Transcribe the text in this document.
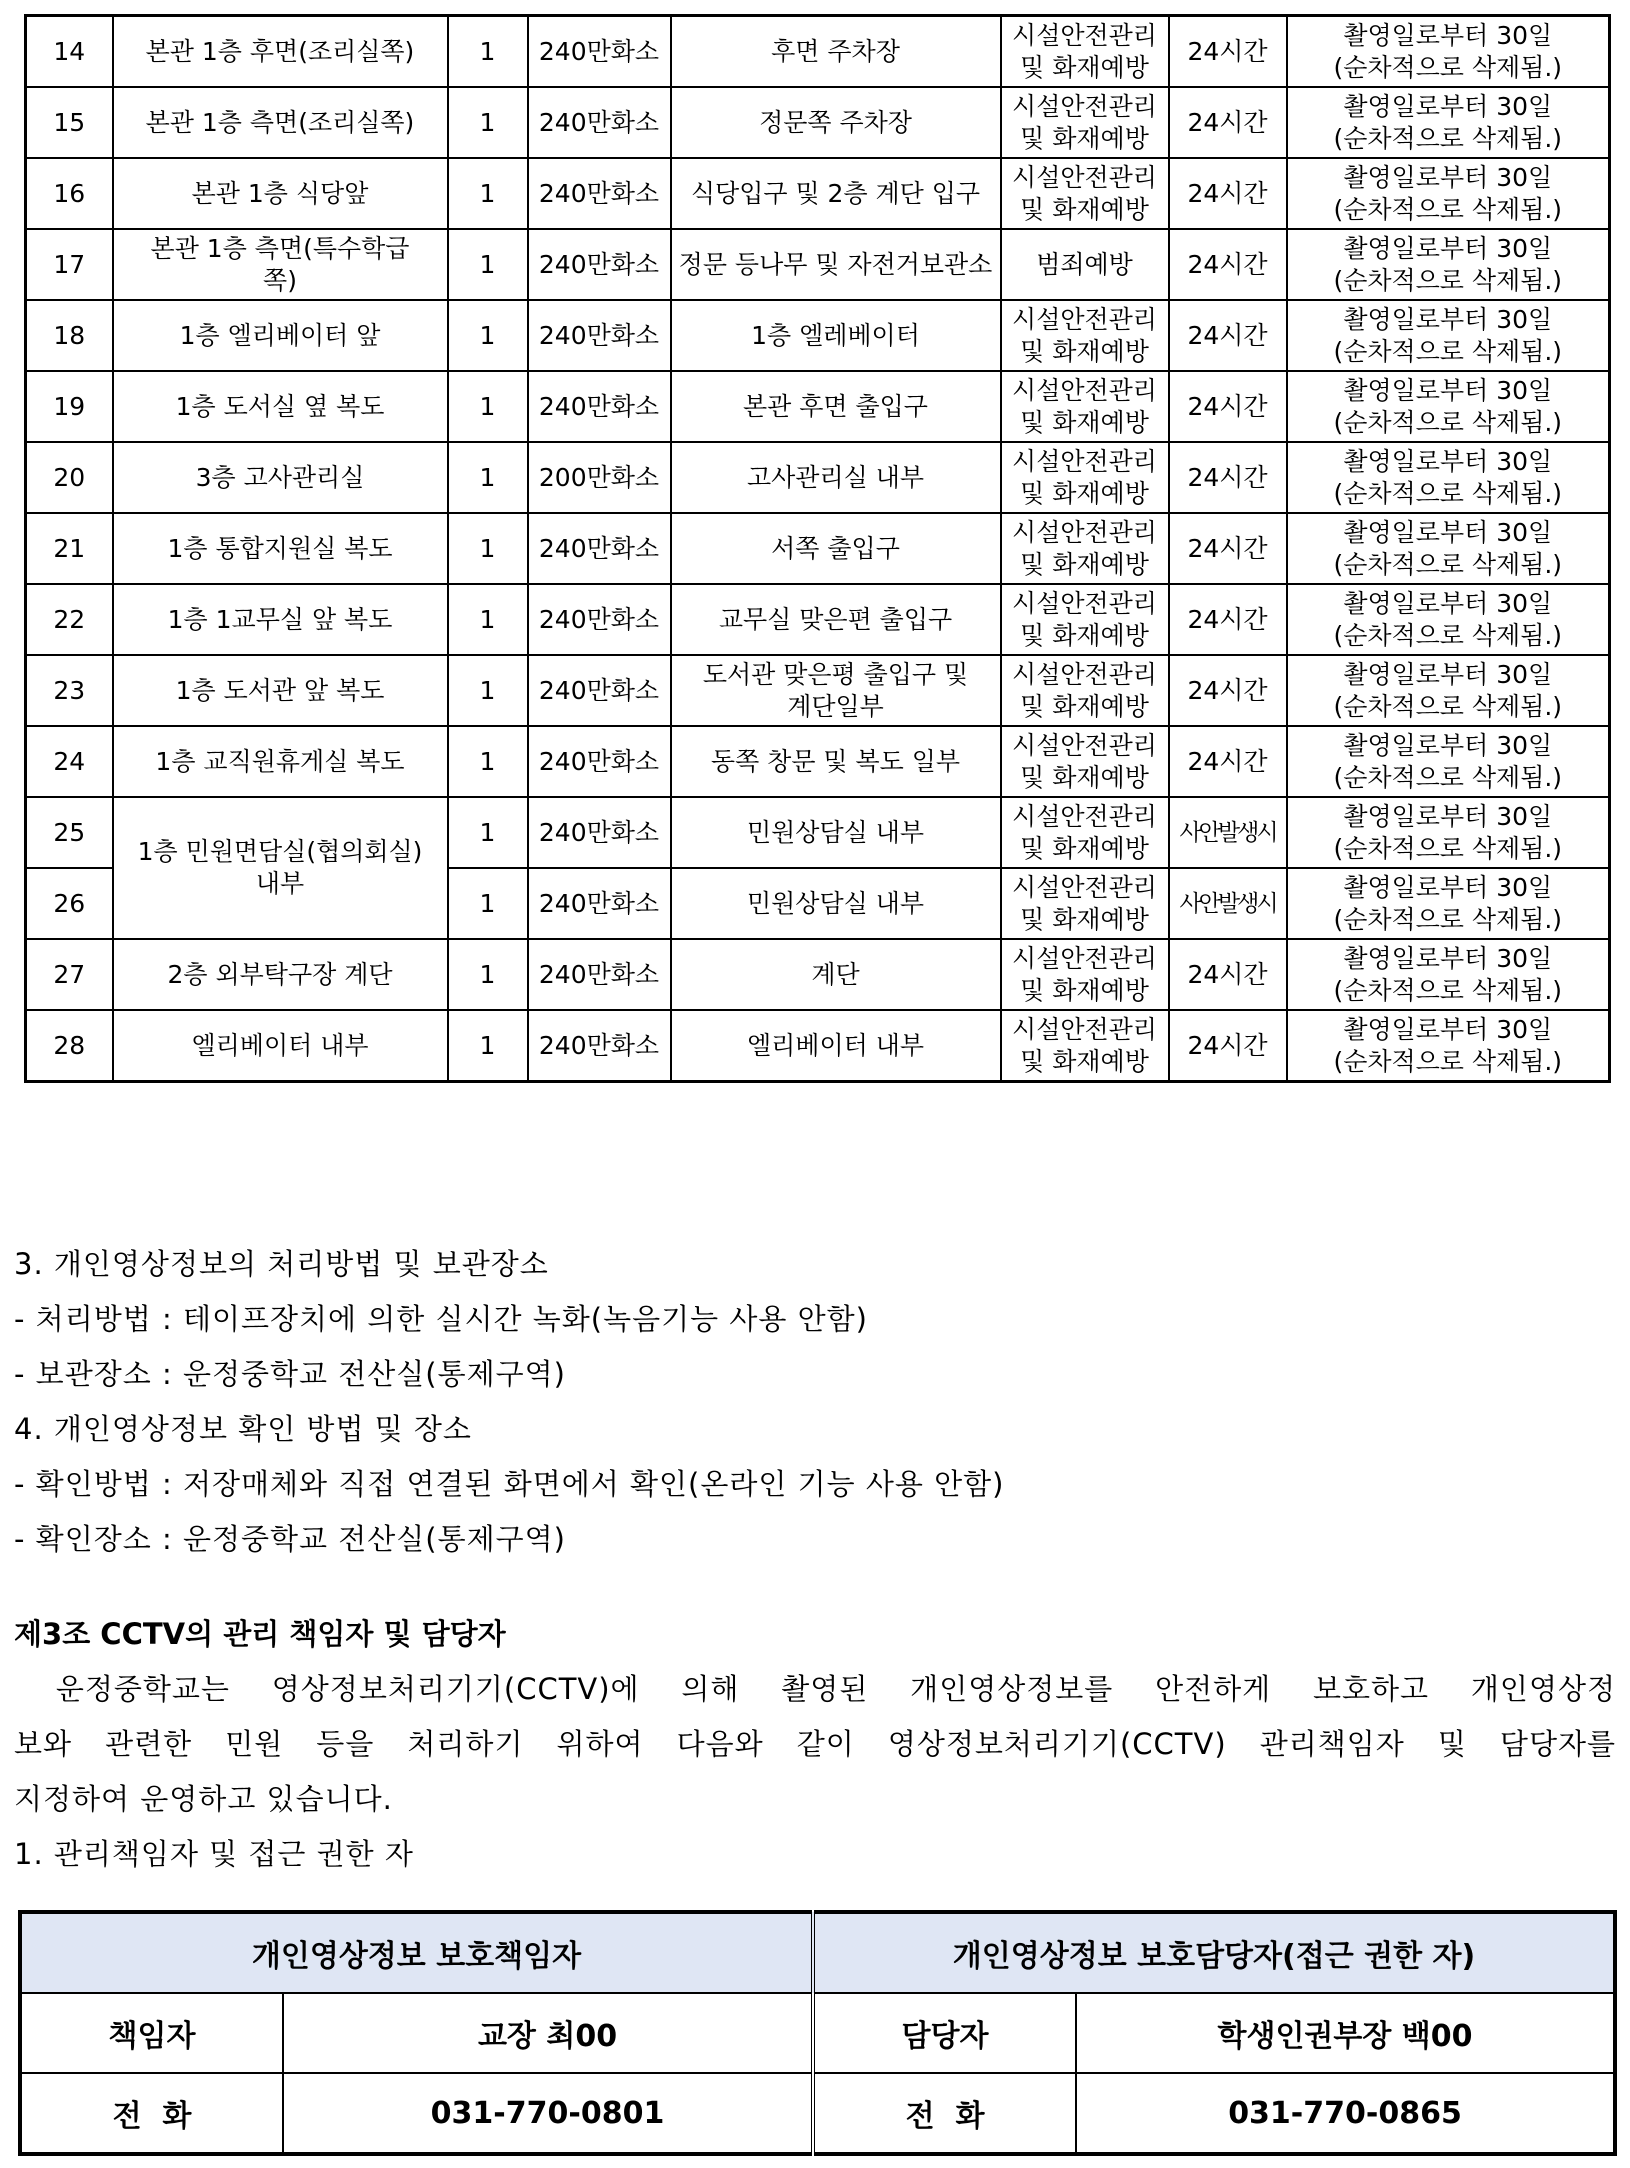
14	본관 1층 후면(조리실쪽)	1	240만화소	후면 주차장	시설안전관리
및 화재예방	24시간	촬영일로부터 30일
(순차적으로 삭제됨.)

15	본관 1층 측면(조리실쪽)	1	240만화소	정문쪽 주차장	시설안전관리
및 화재예방	24시간	촬영일로부터 30일
(순차적으로 삭제됨.)

16	본관 1층 식당앞	1	240만화소	식당입구 및 2층 계단 입구	시설안전관리
및 화재예방	24시간	촬영일로부터 30일
(순차적으로 삭제됨.)

17	본관 1층 측면(특수학급
쪽)	1	240만화소	정문 등나무 및 자전거보관소	범죄예방	24시간	촬영일로부터 30일
(순차적으로 삭제됨.)

18	1층 엘리베이터 앞	1	240만화소	1층 엘레베이터	시설안전관리
및 화재예방	24시간	촬영일로부터 30일
(순차적으로 삭제됨.)

19	1층 도서실 옆 복도	1	240만화소	본관 후면 출입구	시설안전관리
및 화재예방	24시간	촬영일로부터 30일
(순차적으로 삭제됨.)

20	3층 고사관리실	1	200만화소	고사관리실 내부	시설안전관리
및 화재예방	24시간	촬영일로부터 30일
(순차적으로 삭제됨.)

21	1층 통합지원실 복도	1	240만화소	서쪽 출입구	시설안전관리
및 화재예방	24시간	촬영일로부터 30일
(순차적으로 삭제됨.)

22	1층 1교무실 앞 복도	1	240만화소	교무실 맞은편 출입구	시설안전관리
및 화재예방	24시간	촬영일로부터 30일
(순차적으로 삭제됨.)

23	1층 도서관 앞 복도	1	240만화소	도서관 맞은평 출입구 및
계단일부	시설안전관리
및 화재예방	24시간	촬영일로부터 30일
(순차적으로 삭제됨.)

24	1층 교직원휴게실 복도	1	240만화소	동쪽 창문 및 복도 일부	시설안전관리
및 화재예방	24시간	촬영일로부터 30일
(순차적으로 삭제됨.)

25	1층 민원면담실(협의회실)
내부	1	240만화소	민원상담실 내부	시설안전관리
및 화재예방	사안발생시	촬영일로부터 30일
(순차적으로 삭제됨.)

26		1	240만화소	민원상담실 내부	시설안전관리
및 화재예방	사안발생시	촬영일로부터 30일
(순차적으로 삭제됨.)

27	2층 외부탁구장 계단	1	240만화소	계단	시설안전관리
및 화재예방	24시간	촬영일로부터 30일
(순차적으로 삭제됨.)

28	엘리베이터 내부	1	240만화소	엘리베이터 내부	시설안전관리
및 화재예방	24시간	촬영일로부터 30일
(순차적으로 삭제됨.)
3. 개인영상정보의 처리방법 및 보관장소
- 처리방법 : 테이프장치에 의한 실시간 녹화(녹음기능 사용 안함)
- 보관장소 : 운정중학교 전산실(통제구역)
4. 개인영상정보 확인 방법 및 장소
- 확인방법 : 저장매체와 직접 연결된 화면에서 확인(온라인 기능 사용 안함)
- 확인장소 : 운정중학교 전산실(통제구역)
제3조 CCTV의 관리 책임자 및 담당자
운정중학교는 영상정보처리기기(CCTV)에 의해 촬영된 개인영상정보를 안전하게 보호하고 개인영상정
보와 관련한 민원 등을 처리하기 위하여 다음와 같이 영상정보처리기기(CCTV) 관리책임자 및 담당자를
지정하여 운영하고 있습니다.
1. 관리책임자 및 접근 권한 자
개인영상정보 보호책임자		개인영상정보 보호담당자(접근 권한 자)	
책임자	교장 최00	담당자	학생인권부장 백00
전  화	031-770-0801	전  화	031-770-0865
